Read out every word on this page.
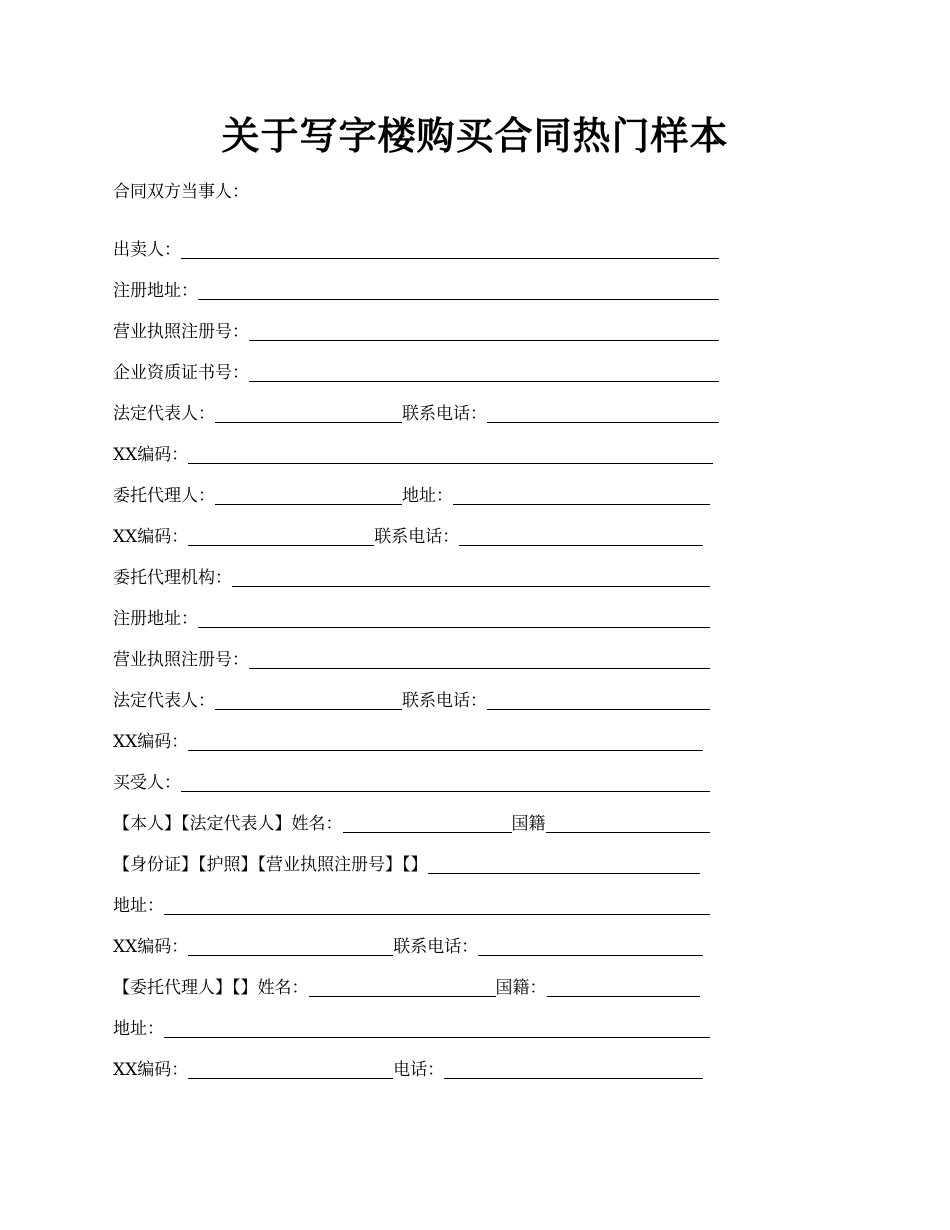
关于写字楼购买合同热门样本
合同双方当事人：
出卖人：
注册地址：
营业执照注册号：
企业资质证书号：
法定代表人：	联系电话：
XX编码：
委托代理人：	地址：
XX编码：	联系电话：
委托代理机构：
注册地址：
营业执照注册号：
法定代表人：	联系电话：
XX编码：
买受人：
【本人】【法定代表人】姓名：	国籍
【身份证】【护照】【营业执照注册号】【】
地址：
XX编码：	联系电话：
【委托代理人】【】姓名：	国籍：
地址：
XX编码：	电话：
